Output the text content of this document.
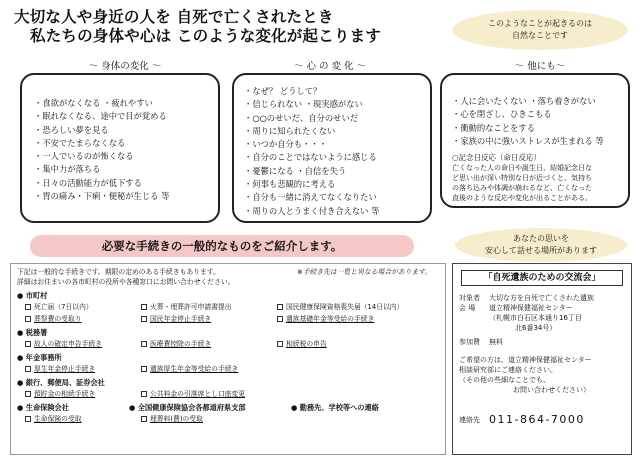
大切な人や身近の人を 自死で亡くされたとき
私たちの身体や心は このような変化が起こります
このようなことが起きるのは
自然なことです
～ 身体の変化 ～	～ 心 の 変 化 ～	～ 他にも～
・ 食欲がなくなる ・疲れやすい
・ 眠れなくなる、途中で目が覚める
・ 恐ろしい夢を見る
・ 不安でたまらなくなる
・ 一人でいるのが怖くなる
・ 集中力が落ちる
・ 日々の活動能力が低下する
・ 胃の痛み・下痢・便秘が生じる 等
・ なぜ？ どうして？
・ 信じられない ・現実感がない
・ ○○のせいだ、自分のせいだ
・ 周りに知られたくない
・ いつか自分も・・・
・ 自分のことではないように感じる
・ 憂鬱になる ・自信を失う
・ 何事も悲観的に考える
・ 自分も一緒に消えてなくなりたい
・ 周りの人とうまく付き合えない 等
・ 人に会いたくない ・落ち着きがない
・ 心を閉ざし、ひきこもる
・ 衝動的なことをする
・ 家族の中に強いストレスが生まれる 等
○記念日反応（命日反応）
亡くなった人の命日や誕生日、結婚記念日な
ど思い出が深い特別な日が近づくと、気持ち
の落ち込みや体調が崩れるなど、亡くなった
直後のような反応や変化が出ることがある。
あなたの思いを
安心して話せる場所があります
必要な手続きの一般的なものをご紹介します。
下記は一般的な手続きです。期限の定めのある手続きもあります。	※手続き先は一覧と異なる場合があります。
詳細はお住まいの各市町村の役所や各種窓口にお問い合わせください。
● 市町村
死亡届（7日以内）	火葬・埋葬許可申請書提出	国民健康保険資格喪失届（14日以内）
葬祭費の受取り	国民年金停止手続き	遺族基礎年金等受給の手続き
● 税務署
故人の確定申告手続き	医療費控除の手続き	相続税の申告
● 年金事務所
厚生年金停止手続き	遺族厚生年金等受給の手続き
● 銀行、郵便局、証券会社
預貯金の相続手続き	公共料金の引落席とし口座変更
● 生命保険会社	● 全国健康保険協会各都道府県支部	● 勤務先、学校等への連絡
生命保険の受取	埋葬料(費)の受取
「自死遺族のための交流会」
対象者 大切な方を自死で亡くされた遺族
会 場 道立精神保健福祉センター
（札幌市白石区本通り16丁目
北6番34号）
参加費 無料
ご希望の方は、道立精神保健福祉センター
相談研究部にご連絡ください。
（その他の些細なことでも、
お問い合わせください）
連絡先 011-864-7000
